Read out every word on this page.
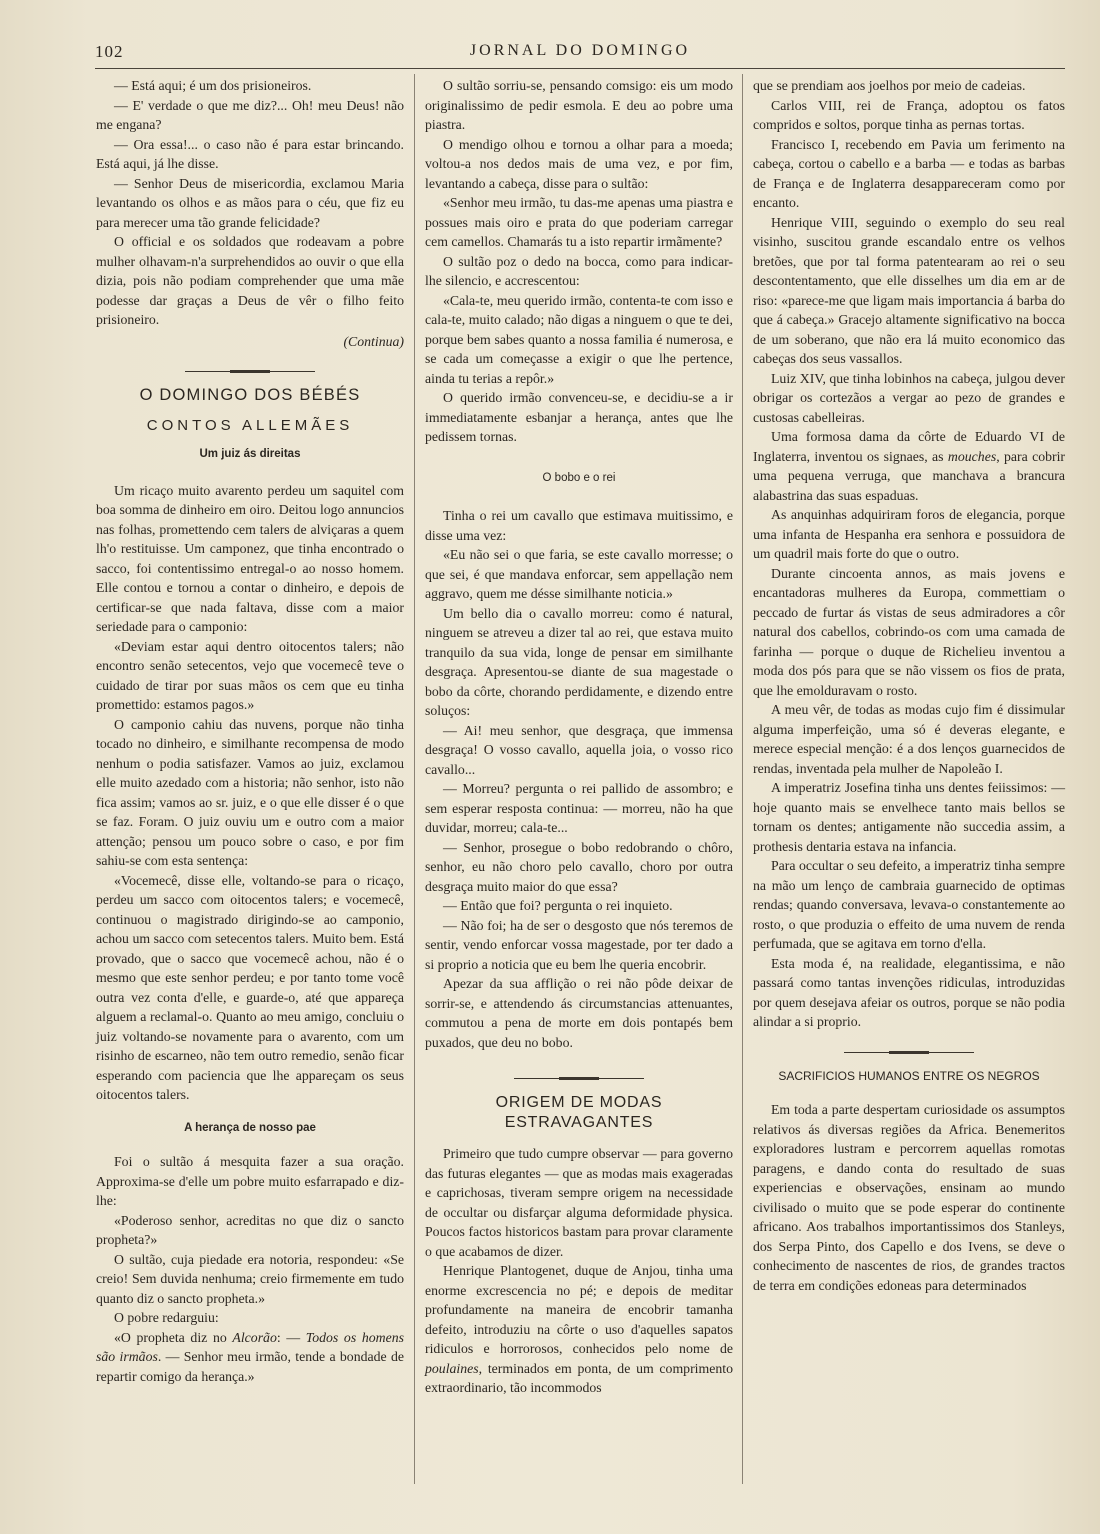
102	JORNAL DO DOMINGO

— Está aqui; é um dos prisioneiros.

— E' verdade o que me diz?... Oh! meu Deus! não me engana?

— Ora essa!... o caso não é para estar brincando. Está aqui, já lhe disse.

— Senhor Deus de misericordia, exclamou Maria levantando os olhos e as mãos para o céu, que fiz eu para merecer uma tão grande felicidade?

O official e os soldados que rodeavam a pobre mulher olhavam-n'a surprehendidos ao ouvir o que ella dizia, pois não podiam comprehender que uma mãe podesse dar graças a Deus de vêr o filho feito prisioneiro.

(Continua)
O DOMINGO DOS BÉBÉS
CONTOS ALLEMÃES
Um juiz ás direitas

Um ricaço muito avarento perdeu um saquitel com boa somma de dinheiro em oiro. Deitou logo annuncios nas folhas, promettendo cem talers de alviçaras a quem lh'o restituisse. Um camponez, que tinha encontrado o sacco, foi contentissimo entregal-o ao nosso homem. Elle contou e tornou a contar o dinheiro, e depois de certificar-se que nada faltava, disse com a maior seriedade para o camponio:

«Deviam estar aqui dentro oitocentos talers; não encontro senão setecentos, vejo que vocemecê teve o cuidado de tirar por suas mãos os cem que eu tinha promettido: estamos pagos.»

O camponio cahiu das nuvens, porque não tinha tocado no dinheiro, e similhante recompensa de modo nenhum o podia satisfazer. Vamos ao juiz, exclamou elle muito azedado com a historia; não senhor, isto não fica assim; vamos ao sr. juiz, e o que elle disser é o que se faz. Foram. O juiz ouviu um e outro com a maior attenção; pensou um pouco sobre o caso, e por fim sahiu-se com esta sentença:

«Vocemecê, disse elle, voltando-se para o ricaço, perdeu um sacco com oitocentos talers; e vocemecê, continuou o magistrado dirigindo-se ao camponio, achou um sacco com setecentos talers. Muito bem. Está provado, que o sacco que vocemecê achou, não é o mesmo que este senhor perdeu; e por tanto tome você outra vez conta d'elle, e guarde-o, até que appareça alguem a reclamal-o. Quanto ao meu amigo, concluiu o juiz voltando-se novamente para o avarento, com um risinho de escarneo, não tem outro remedio, senão ficar esperando com paciencia que lhe appareçam os seus oitocentos talers.

A herança de nosso pae

Foi o sultão á mesquita fazer a sua oração. Approxima-se d'elle um pobre muito esfarrapado e diz-lhe:

«Poderoso senhor, acreditas no que diz o sancto propheta?»

O sultão, cuja piedade era notoria, respondeu: «Se creio! Sem duvida nenhuma; creio firmemente em tudo quanto diz o sancto propheta.»

O pobre redarguiu:

«O propheta diz no Alcorão: — Todos os homens são irmãos. — Senhor meu irmão, tende a bondade de repartir comigo da herança.»

O sultão sorriu-se, pensando comsigo: eis um modo originalissimo de pedir esmola. E deu ao pobre uma piastra.

O mendigo olhou e tornou a olhar para a moeda; voltou-a nos dedos mais de uma vez, e por fim, levantando a cabeça, disse para o sultão:

«Senhor meu irmão, tu das-me apenas uma piastra e possues mais oiro e prata do que poderiam carregar cem camellos. Chamarás tu a isto repartir irmãmente?

O sultão poz o dedo na bocca, como para indicar-lhe silencio, e accrescentou:

«Cala-te, meu querido irmão, contenta-te com isso e cala-te, muito calado; não digas a ninguem o que te dei, porque bem sabes quanto a nossa familia é numerosa, e se cada um começasse a exigir o que lhe pertence, ainda tu terias a repôr.»

O querido irmão convenceu-se, e decidiu-se a ir immediatamente esbanjar a herança, antes que lhe pedissem tornas.

O bobo e o rei

Tinha o rei um cavallo que estimava muitissimo, e disse uma vez:

«Eu não sei o que faria, se este cavallo morresse; o que sei, é que mandava enforcar, sem appellação nem aggravo, quem me désse similhante noticia.»

Um bello dia o cavallo morreu: como é natural, ninguem se atreveu a dizer tal ao rei, que estava muito tranquilo da sua vida, longe de pensar em similhante desgraça. Apresentou-se diante de sua magestade o bobo da côrte, chorando perdidamente, e dizendo entre soluços:

— Ai! meu senhor, que desgraça, que immensa desgraça! O vosso cavallo, aquella joia, o vosso rico cavallo...

— Morreu? pergunta o rei pallido de assombro; e sem esperar resposta continua: — morreu, não ha que duvidar, morreu; cala-te...

— Senhor, prosegue o bobo redobrando o chôro, senhor, eu não choro pelo cavallo, choro por outra desgraça muito maior do que essa?

— Então que foi? pergunta o rei inquieto.

— Não foi; ha de ser o desgosto que nós teremos de sentir, vendo enforcar vossa magestade, por ter dado a si proprio a noticia que eu bem lhe queria encobrir.

Apezar da sua afflição o rei não pôde deixar de sorrir-se, e attendendo ás circumstancias attenuantes, commutou a pena de morte em dois pontapés bem puxados, que deu no bobo.

ORIGEM DE MODAS ESTRAVAGANTES

Primeiro que tudo cumpre observar — para governo das futuras elegantes — que as modas mais exageradas e caprichosas, tiveram sempre origem na necessidade de occultar ou disfarçar alguma deformidade physica. Poucos factos historicos bastam para provar claramente o que acabamos de dizer.

Henrique Plantogenet, duque de Anjou, tinha uma enorme excrescencia no pé; e depois de meditar profundamente na maneira de encobrir tamanha defeito, introduziu na côrte o uso d'aquelles sapatos ridiculos e horrorosos, conhecidos pelo nome de poulaines, terminados em ponta, de um comprimento extraordinario, tão incommodos

que se prendiam aos joelhos por meio de cadeias.

Carlos VIII, rei de França, adoptou os fatos compridos e soltos, porque tinha as pernas tortas.

Francisco I, recebendo em Pavia um ferimento na cabeça, cortou o cabello e a barba — e todas as barbas de França e de Inglaterra desappareceram como por encanto.

Henrique VIII, seguindo o exemplo do seu real visinho, suscitou grande escandalo entre os velhos bretões, que por tal forma patentearam ao rei o seu descontentamento, que elle disselhes um dia em ar de riso: «parece-me que ligam mais importancia á barba do que á cabeça.» Gracejo altamente significativo na bocca de um soberano, que não era lá muito economico das cabeças dos seus vassallos.

Luiz XIV, que tinha lobinhos na cabeça, julgou dever obrigar os cortezãos a vergar ao pezo de grandes e custosas cabelleiras.

Uma formosa dama da côrte de Eduardo VI de Inglaterra, inventou os signaes, as mouches, para cobrir uma pequena verruga, que manchava a brancura alabastrina das suas espaduas.

As anquinhas adquiriram foros de elegancia, porque uma infanta de Hespanha era senhora e possuidora de um quadril mais forte do que o outro.

Durante cincoenta annos, as mais jovens e encantadoras mulheres da Europa, commettiam o peccado de furtar ás vistas de seus admiradores a côr natural dos cabellos, cobrindo-os com uma camada de farinha — porque o duque de Richelieu inventou a moda dos pós para que se não vissem os fios de prata, que lhe emolduravam o rosto.

A meu vêr, de todas as modas cujo fim é dissimular alguma imperfeição, uma só é deveras elegante, e merece especial menção: é a dos lenços guarnecidos de rendas, inventada pela mulher de Napoleão I.

A imperatriz Josefina tinha uns dentes feiissimos: — hoje quanto mais se envelhece tanto mais bellos se tornam os dentes; antigamente não succedia assim, a prothesis dentaria estava na infancia.

Para occultar o seu defeito, a imperatriz tinha sempre na mão um lenço de cambraia guarnecido de optimas rendas; quando conversava, levava-o constantemente ao rosto, o que produzia o effeito de uma nuvem de renda perfumada, que se agitava em torno d'ella.

Esta moda é, na realidade, elegantissima, e não passará como tantas invenções ridiculas, introduzidas por quem desejava afeiar os outros, porque se não podia alindar a si proprio.

SACRIFICIOS HUMANOS ENTRE OS NEGROS

Em toda a parte despertam curiosidade os assumptos relativos ás diversas regiões da Africa. Benemeritos exploradores lustram e percorrem aquellas romotas paragens, e dando conta do resultado de suas experiencias e observações, ensinam ao mundo civilisado o muito que se pode esperar do continente africano. Aos trabalhos importantissimos dos Stanleys, dos Serpa Pinto, dos Capello e dos Ivens, se deve o conhecimento de nascentes de rios, de grandes tractos de terra em condições edoneas para determinados
